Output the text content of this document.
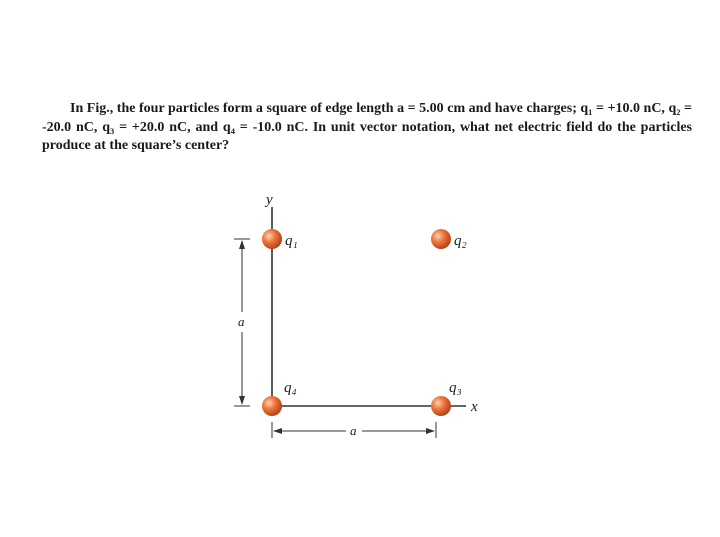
In Fig., the four particles form a square of edge length a = 5.00 cm and have charges; q₁ = +10.0 nC, q₂ = -20.0 nC, q₃ = +20.0 nC, and q₄ = -10.0 nC. In unit vector notation, what net electric field do the particles produce at the square’s center?

y
x
a
a
q₁	q₂
q₃
q₄
